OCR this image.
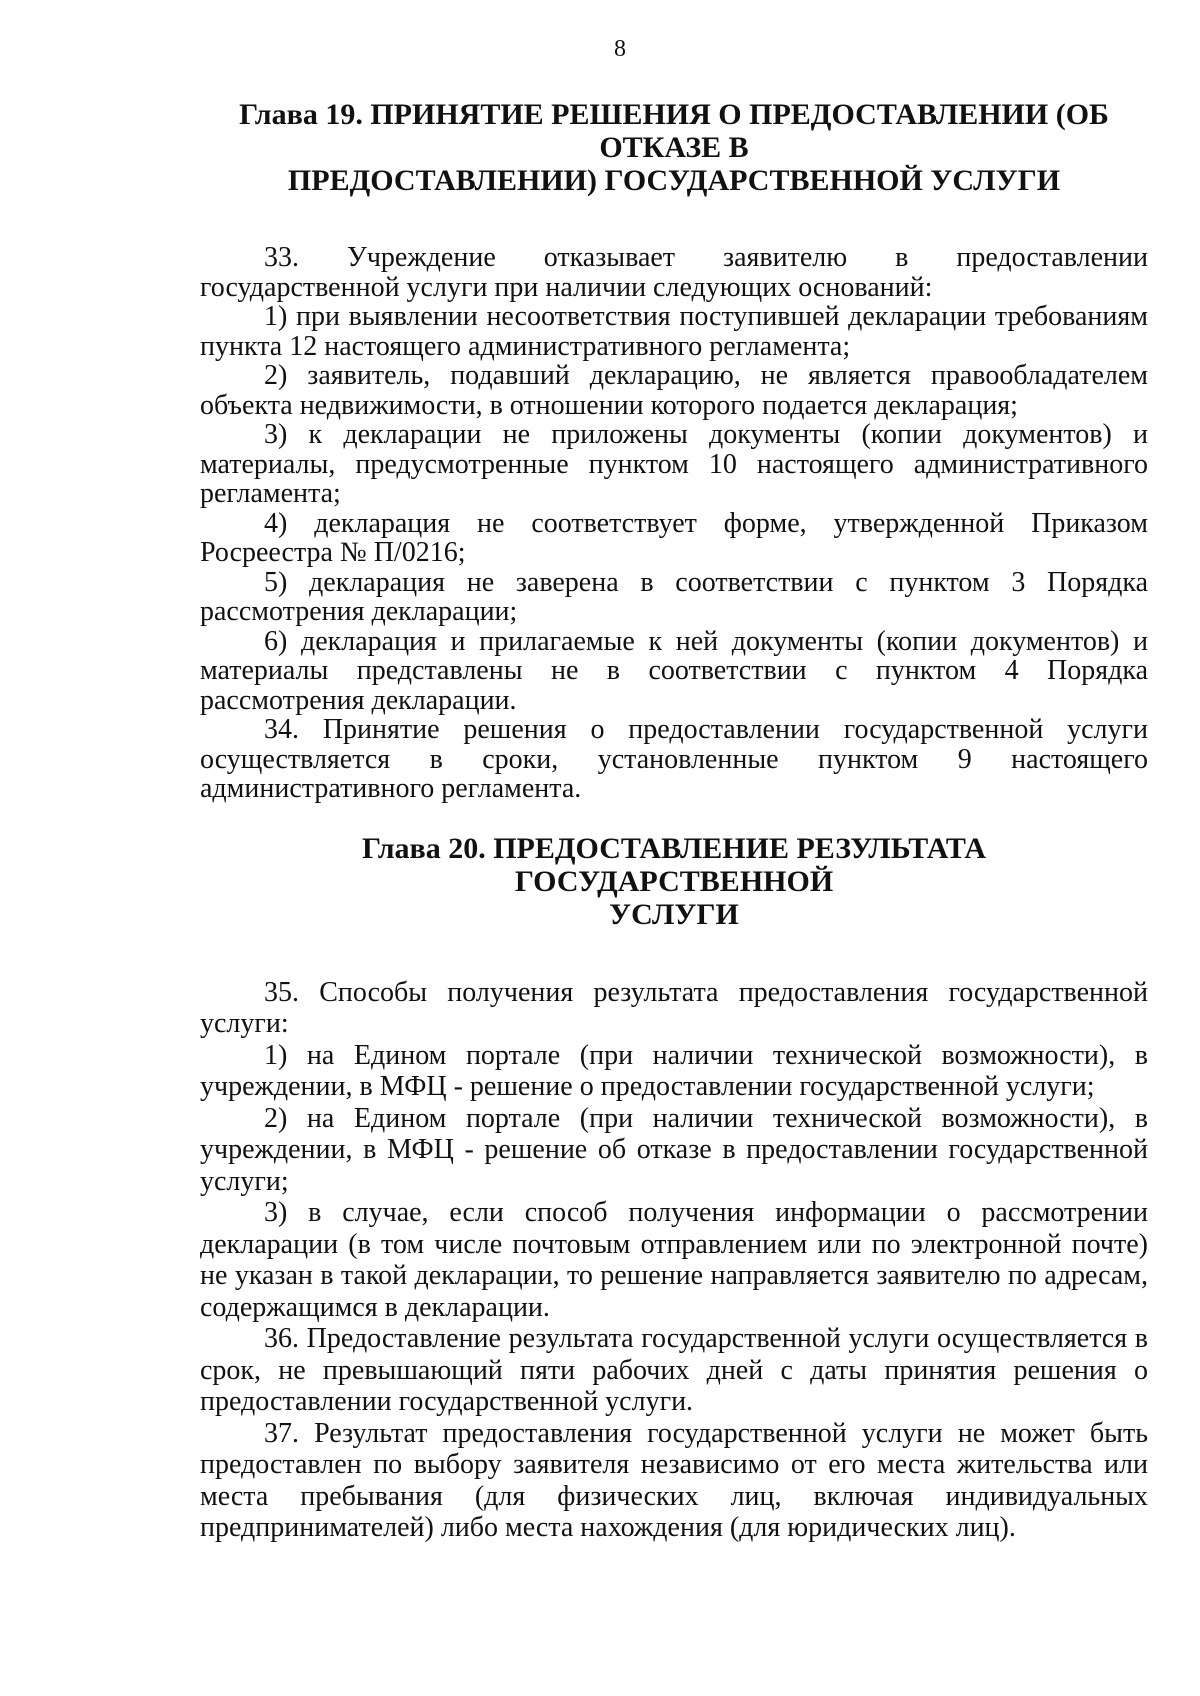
8
Глава 19. ПРИНЯТИЕ РЕШЕНИЯ О ПРЕДОСТАВЛЕНИИ (ОБ ОТКАЗЕ В
ПРЕДОСТАВЛЕНИИ) ГОСУДАРСТВЕННОЙ УСЛУГИ

33. Учреждение отказывает заявителю в предоставлении государственной услуги при наличии следующих оснований:

1) при выявлении несоответствия поступившей декларации требованиям пункта 12 настоящего административного регламента;

2) заявитель, подавший декларацию, не является правообладателем объекта недвижимости, в отношении которого подается декларация;

3) к декларации не приложены документы (копии документов) и материалы, предусмотренные пунктом 10 настоящего административного регламента;

4) декларация не соответствует форме, утвержденной Приказом Росреестра № П/0216;

5) декларация не заверена в соответствии с пунктом 3 Порядка рассмотрения декларации;

6) декларация и прилагаемые к ней документы (копии документов) и материалы представлены не в соответствии с пунктом 4 Порядка рассмотрения декларации.

34. Принятие решения о предоставлении государственной услуги осуществляется в сроки, установленные пунктом 9 настоящего административного регламента.

Глава 20. ПРЕДОСТАВЛЕНИЕ РЕЗУЛЬТАТА ГОСУДАРСТВЕННОЙ
УСЛУГИ

35. Способы получения результата предоставления государственной услуги:

1) на Едином портале (при наличии технической возможности), в учреждении, в МФЦ - решение о предоставлении государственной услуги;

2) на Едином портале (при наличии технической возможности), в учреждении, в МФЦ - решение об отказе в предоставлении государственной услуги;

3) в случае, если способ получения информации о рассмотрении декларации (в том числе почтовым отправлением или по электронной почте) не указан в такой декларации, то решение направляется заявителю по адресам, содержащимся в декларации.

36. Предоставление результата государственной услуги осуществляется в срок, не превышающий пяти рабочих дней с даты принятия решения о предоставлении государственной услуги.

37. Результат предоставления государственной услуги не может быть предоставлен по выбору заявителя независимо от его места жительства или места пребывания (для физических лиц, включая индивидуальных предпринимателей) либо места нахождения (для юридических лиц).
